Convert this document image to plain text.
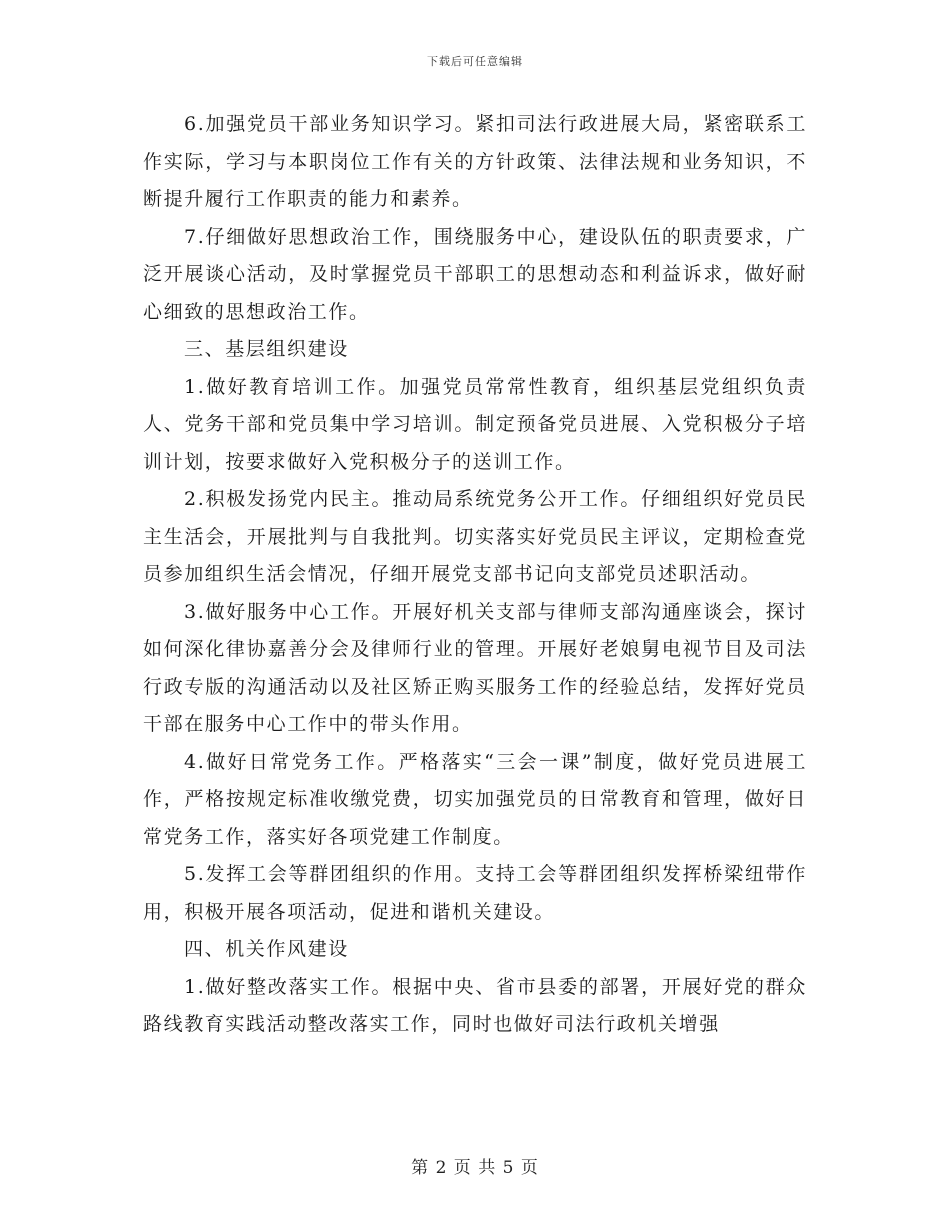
下载后可任意编辑

6.加强党员干部业务知识学习。紧扣司法行政进展大局，紧密联系工作实际，学习与本职岗位工作有关的方针政策、法律法规和业务知识，不断提升履行工作职责的能力和素养。

7.仔细做好思想政治工作，围绕服务中心，建设队伍的职责要求，广泛开展谈心活动，及时掌握党员干部职工的思想动态和利益诉求，做好耐心细致的思想政治工作。

三、基层组织建设

1.做好教育培训工作。加强党员常常性教育，组织基层党组织负责人、党务干部和党员集中学习培训。制定预备党员进展、入党积极分子培训计划，按要求做好入党积极分子的送训工作。

2.积极发扬党内民主。推动局系统党务公开工作。仔细组织好党员民主生活会，开展批判与自我批判。切实落实好党员民主评议，定期检查党员参加组织生活会情况，仔细开展党支部书记向支部党员述职活动。

3.做好服务中心工作。开展好机关支部与律师支部沟通座谈会，探讨如何深化律协嘉善分会及律师行业的管理。开展好老娘舅电视节目及司法行政专版的沟通活动以及社区矫正购买服务工作的经验总结，发挥好党员干部在服务中心工作中的带头作用。

4.做好日常党务工作。严格落实“三会一课”制度，做好党员进展工作，严格按规定标准收缴党费，切实加强党员的日常教育和管理，做好日常党务工作，落实好各项党建工作制度。

5.发挥工会等群团组织的作用。支持工会等群团组织发挥桥梁纽带作用，积极开展各项活动，促进和谐机关建设。

四、机关作风建设

1.做好整改落实工作。根据中央、省市县委的部署，开展好党的群众路线教育实践活动整改落实工作，同时也做好司法行政机关增强

第 2 页 共 5 页
